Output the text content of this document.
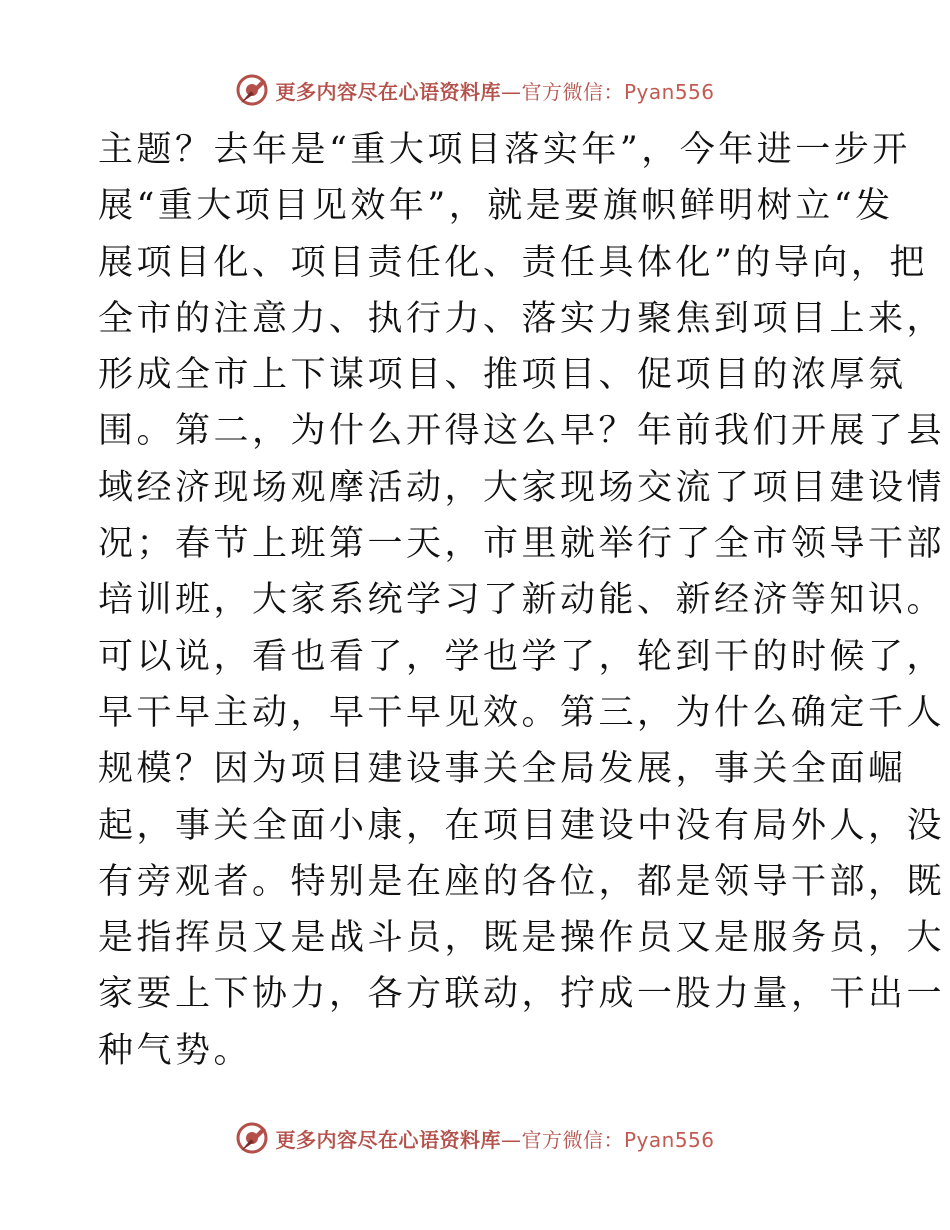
更多内容尽在心语资料库—官方微信：Pyan556
主题？去年是“重大项目落实年”，今年进一步开
展“重大项目见效年”，就是要旗帜鲜明树立“发
展项目化、项目责任化、责任具体化”的导向，把
全市的注意力、执行力、落实力聚焦到项目上来，
形成全市上下谋项目、推项目、促项目的浓厚氛
围。第二，为什么开得这么早？年前我们开展了县
域经济现场观摩活动，大家现场交流了项目建设情
况；春节上班第一天，市里就举行了全市领导干部
培训班，大家系统学习了新动能、新经济等知识。
可以说，看也看了，学也学了，轮到干的时候了，
早干早主动，早干早见效。第三，为什么确定千人
规模？因为项目建设事关全局发展，事关全面崛
起，事关全面小康，在项目建设中没有局外人，没
有旁观者。特别是在座的各位，都是领导干部，既
是指挥员又是战斗员，既是操作员又是服务员，大
家要上下协力，各方联动，拧成一股力量，干出一
种气势。
更多内容尽在心语资料库—官方微信：Pyan556
